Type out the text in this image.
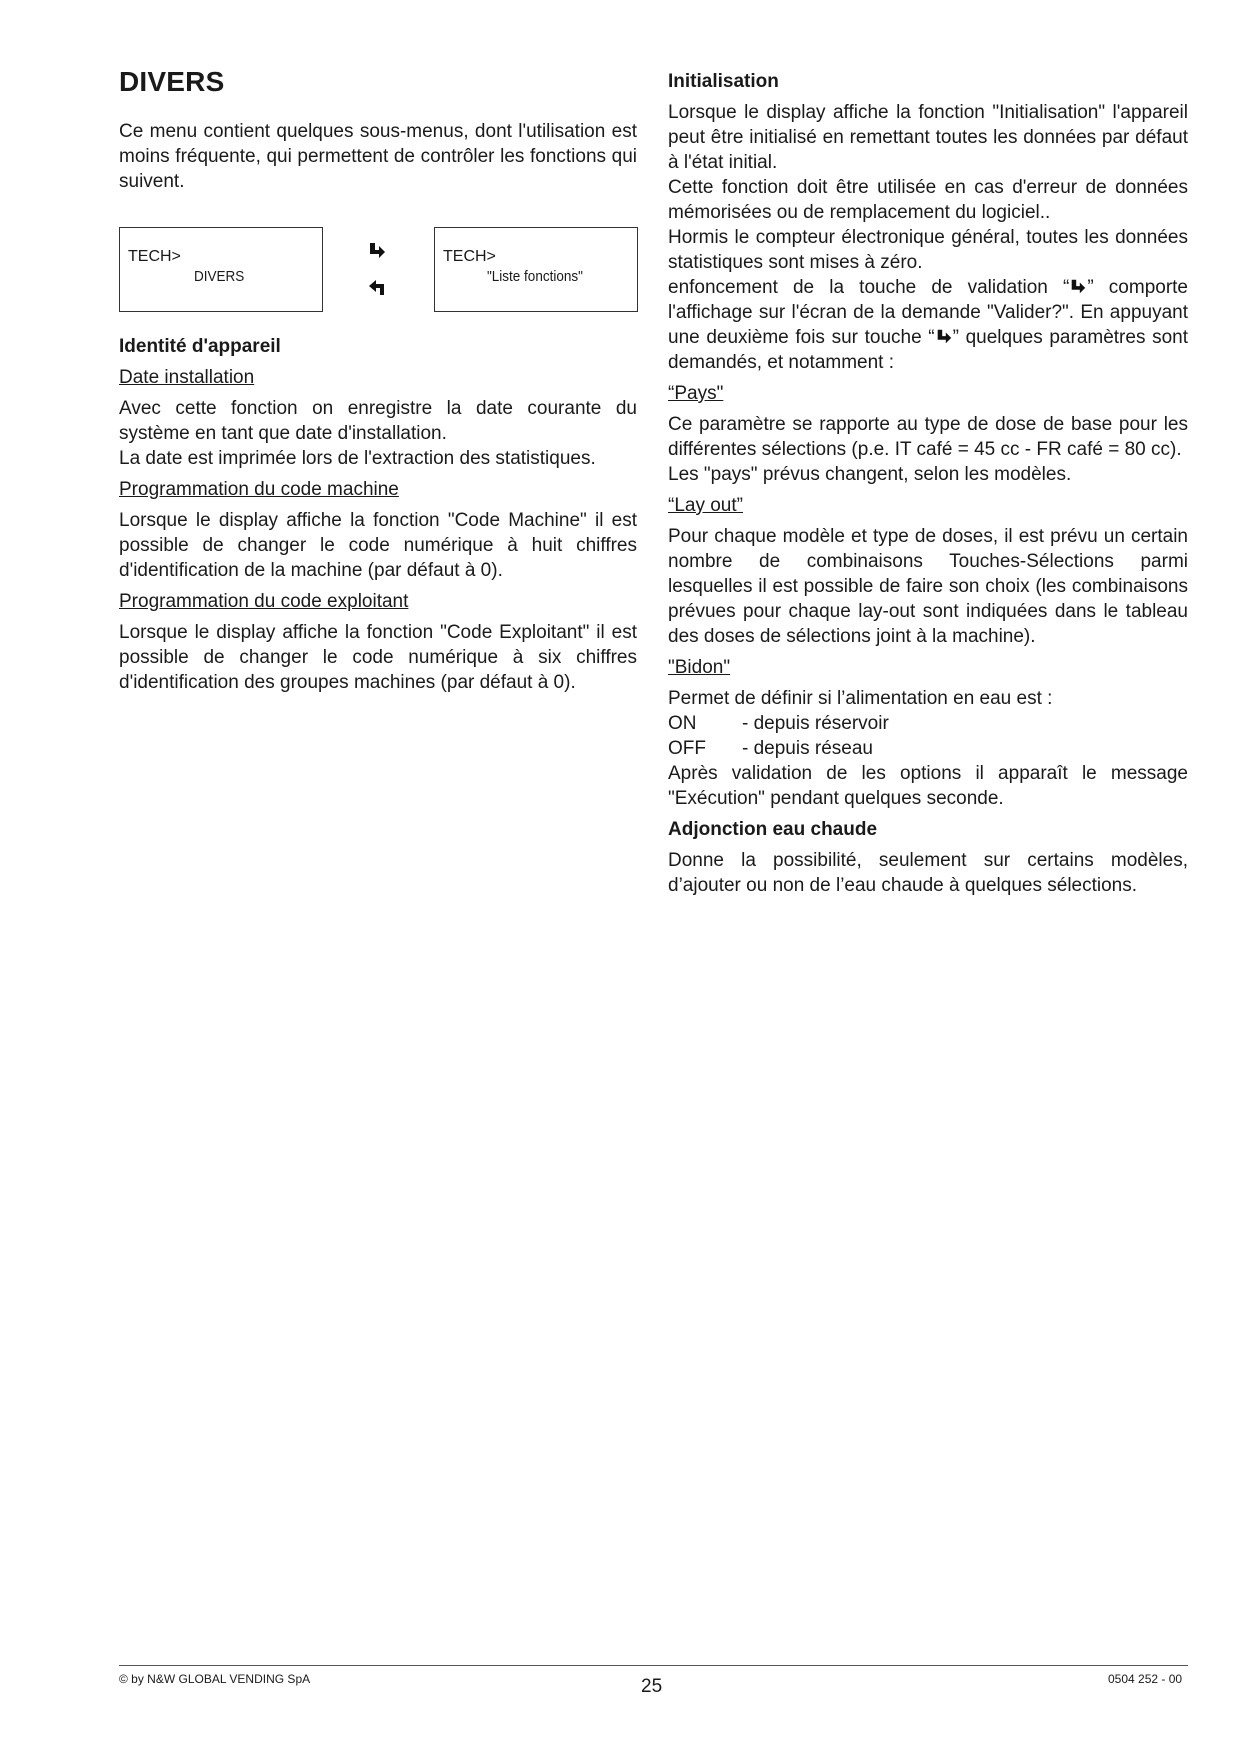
DIVERS

Ce menu contient quelques sous-menus, dont l'utilisation est moins fréquente, qui permettent de contrôler les fonctions qui suivent.

TECH>
DIVERS
TECH>
"Liste fonctions"

Identité d'appareil

Date installation

Avec cette fonction on enregistre la date courante du système en tant que date d'installation.

La date est imprimée lors de l'extraction des statistiques.

Programmation du code machine

Lorsque le display affiche la fonction "Code Machine" il est possible de changer le code numérique à huit chiffres d'identification de la machine (par défaut à 0).

Programmation du code exploitant

Lorsque le display affiche la fonction "Code Exploitant" il est possible de changer le code numérique à six chiffres d'identification des groupes machines (par défaut à 0).

Initialisation

Lorsque le display affiche la fonction "Initialisation" l'appareil peut être initialisé en remettant toutes les données par défaut à l'état initial.

Cette fonction doit être utilisée en cas d'erreur de données mémorisées ou de remplacement du logiciel..

Hormis le compteur électronique général, toutes les données statistiques sont mises à zéro.

enfoncement de la touche de validation “ ” comporte l'affichage sur l'écran de la demande "Valider?". En appuyant une deuxième fois sur touche “ ” quelques paramètres sont demandés, et notamment :

“Pays"

Ce paramètre se rapporte au type de dose de base pour les différentes sélections (p.e. IT café = 45 cc - FR café = 80 cc).

Les "pays" prévus changent, selon les modèles.

“Lay out”

Pour chaque modèle et type de doses, il est prévu un certain nombre de combinaisons Touches-Sélections parmi lesquelles il est possible de faire son choix (les combinaisons prévues pour chaque lay-out sont indiquées dans le tableau des doses de sélections joint à la machine).

"Bidon"

Permet de définir si l’alimentation en eau est :

ON	- depuis réservoir
OFF	- depuis réseau

Après validation de les options il apparaît le message "Exécution" pendant quelques seconde.

Adjonction eau chaude

Donne la possibilité, seulement sur certains modèles, d’ajouter ou non de l’eau chaude à quelques sélections.

© by N&W GLOBAL VENDING SpA	25	0504 252 - 00
